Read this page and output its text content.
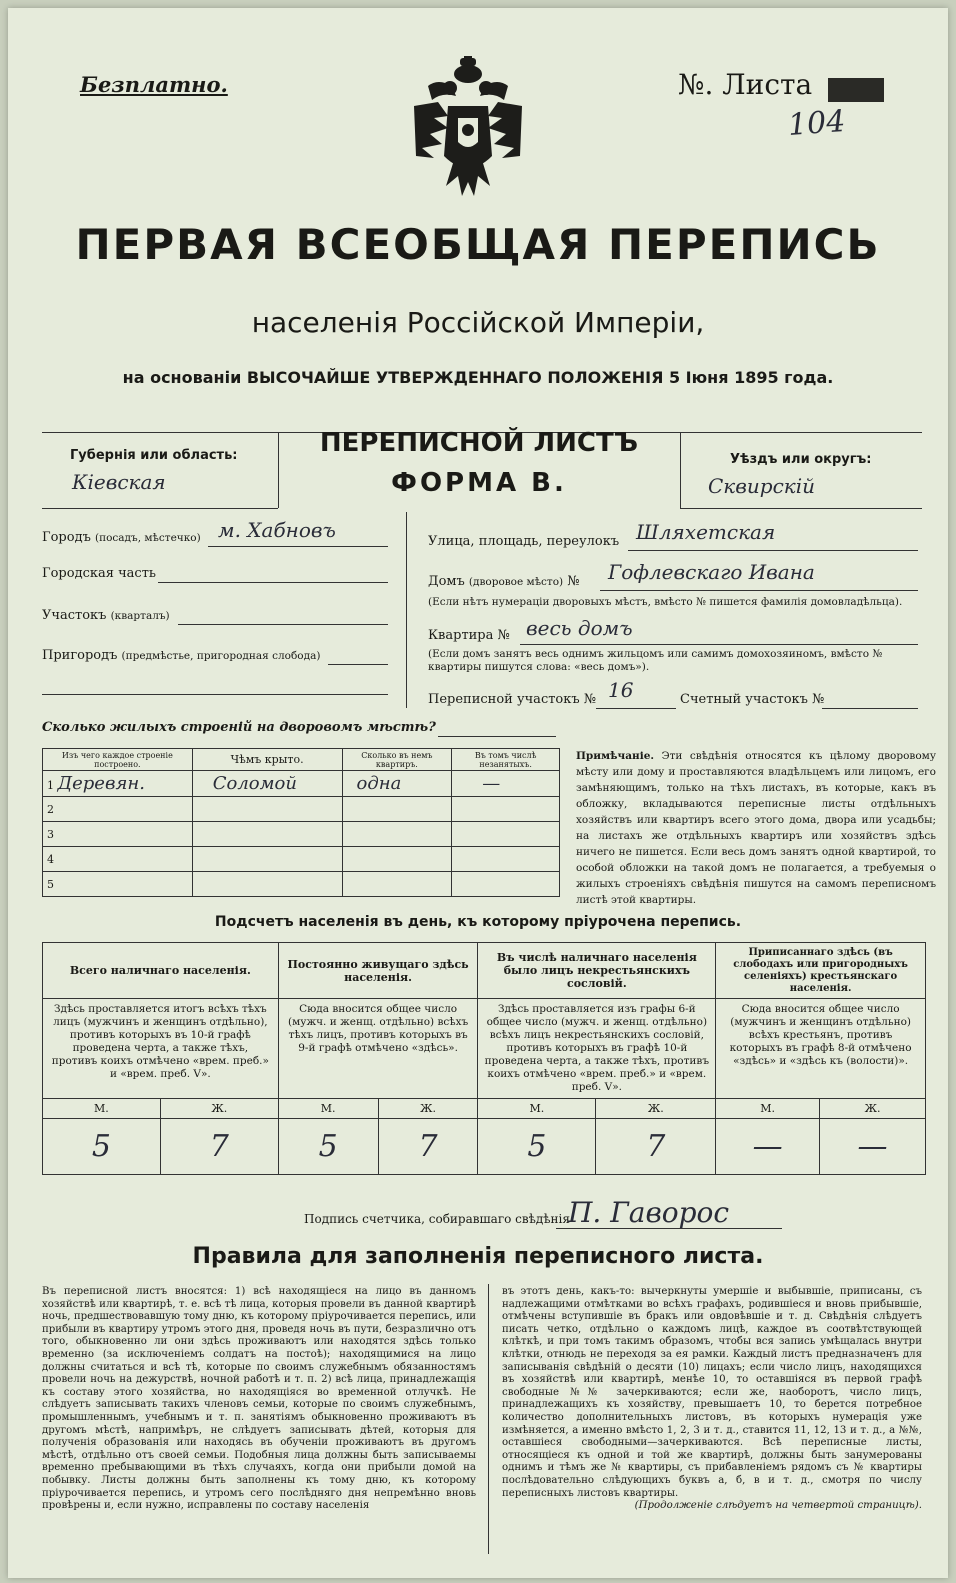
Безплатно.	№. Листа
104
ПЕРВАЯ ВСЕОБЩАЯ ПЕРЕПИСЬ
населенія Россійской Имперіи,
на основаніи ВЫСОЧАЙШЕ УТВЕРЖДЕННАГО ПОЛОЖЕНІЯ 5 Іюня 1895 года.
Губернія или область:
Кіевская
ПЕРЕПИСНОЙ ЛИСТЪ
ФОРМА В.
Уѣздъ или округъ:
Сквирскій
Городъ (посадъ, мѣстечко) м. Хабновъ
Городская часть
Участокъ (кварталъ)
Пригородъ (предмѣстье, пригородная слобода)
Улица, площадь, переулокъ Шляхетская
Домъ (дворовое мѣсто) № Гофлевскаго Ивана
(Если нѣтъ нумераціи дворовыхъ мѣстъ, вмѣсто № пишется фамилія домовладѣльца).
Квартира № весь домъ
(Если домъ занятъ весь однимъ жильцомъ или самимъ домохозяиномъ, вмѣсто № квартиры пишутся слова: «весь домъ»).
Переписной участокъ № 16	Счетный участокъ №
Сколько жилыхъ строеній на дворовомъ мѣстѣ?
Изъ чего каждое строеніе построено.	Чѣмъ крыто.	Сколько въ немъ квартиръ.	Въ томъ числѣ незанятыхъ.
1 Деревян.	Соломой	одна	—
2			
3			
4			
5			
Примѣчаніе. Эти свѣдѣнія относятся къ цѣлому дворовому мѣсту или дому и проставляются владѣльцемъ или лицомъ, его замѣняющимъ, только на тѣхъ листахъ, въ которые, какъ въ обложку, вкладываются переписные листы отдѣльныхъ хозяйствъ или квартиръ всего этого дома, двора или усадьбы; на листахъ же отдѣльныхъ квартиръ или хозяйствъ здѣсь ничего не пишется. Если весь домъ занятъ одной квартирой, то особой обложки на такой домъ не полагается, а требуемыя о жилыхъ строеніяхъ свѣдѣнія пишутся на самомъ переписномъ листѣ этой квартиры.
Подсчетъ населенія въ день, къ которому пріурочена перепись.
Всего наличнаго населенія.		Постоянно живущаго здѣсь населенія.		Въ числѣ наличнаго населенія было лицъ некрестьянскихъ сословій.		Приписаннаго здѣсь (въ слободахъ или пригородныхъ селеніяхъ) крестьянскаго населенія.	
Здѣсь проставляется итогъ всѣхъ тѣхъ лицъ (мужчинъ и женщинъ отдѣльно), противъ которыхъ въ 10-й графѣ проведена черта, а также тѣхъ, противъ коихъ отмѣчено «врем. преб.» и «врем. преб. V».		Сюда вносится общее число (мужч. и женщ. отдѣльно) всѣхъ тѣхъ лицъ, противъ которыхъ въ 9-й графѣ отмѣчено «здѣсь».		Здѣсь проставляется изъ графы 6-й общее число (мужч. и женщ. отдѣльно) всѣхъ лицъ некрестьянскихъ сословій, противъ которыхъ въ графѣ 10-й проведена черта, а также тѣхъ, противъ коихъ отмѣчено «врем. преб.» и «врем. преб. V».		Сюда вносится общее число (мужчинъ и женщинъ отдѣльно) всѣхъ крестьянъ, противъ которыхъ въ графѣ 8-й отмѣчено «здѣсь» и «здѣсь къ (волости)».	
М.	Ж.	М.	Ж.	М.	Ж.	М.	Ж.
5	7	5	7	5	7	—	—
Подпись счетчика, собиравшаго свѣдѣнія
П. Гаворос
Правила для заполненія переписного листа.
Въ переписной листъ вносятся: 1) всѣ находящіеся на лицо въ данномъ хозяйствѣ или квартирѣ, т. е. всѣ тѣ лица, которыя провели въ данной квартирѣ ночь, предшествовавшую тому дню, къ которому пріурочивается перепись, или прибыли въ квартиру утромъ этого дня, проведя ночь въ пути, безразлично отъ того, обыкновенно ли они здѣсь проживаютъ или находятся здѣсь только временно (за исключеніемъ солдатъ на постоѣ); находящимися на лицо должны считаться и всѣ тѣ, которые по своимъ служебнымъ обязанностямъ провели ночь на дежурствѣ, ночной работѣ и т. п. 2) всѣ лица, принадлежащія къ составу этого хозяйства, но находящіяся во временной отлучкѣ. Не слѣдуетъ записывать такихъ членовъ семьи, которые по своимъ служебнымъ, промышленнымъ, учебнымъ и т. п. занятіямъ обыкновенно проживаютъ въ другомъ мѣстѣ, напримѣръ, не слѣдуетъ записывать дѣтей, которыя для полученія образованія или находясь въ обученіи проживаютъ въ другомъ мѣстѣ, отдѣльно отъ своей семьи. Подобныя лица должны быть записываемы временно пребывающими въ тѣхъ случаяхъ, когда они прибыли домой на побывку. Листы должны быть заполнены къ тому дню, къ которому пріурочивается перепись, и утромъ сего послѣдняго дня непремѣнно вновь провѣрены и, если нужно, исправлены по составу населенія
въ этотъ день, какъ-то: вычеркнуты умершіе и выбывшіе, приписаны, съ надлежащими отмѣтками во всѣхъ графахъ, родившіеся и вновь прибывшіе, отмѣчены вступившіе въ бракъ или овдовѣвшіе и т. д. Свѣдѣнія слѣдуетъ писать четко, отдѣльно о каждомъ лицѣ, каждое въ соотвѣтствующей клѣткѣ, и при томъ такимъ образомъ, чтобы вся запись умѣщалась внутри клѣтки, отнюдь не переходя за ея рамки. Каждый листъ предназначенъ для записыванія свѣдѣній о десяти (10) лицахъ; если число лицъ, находящихся въ хозяйствѣ или квартирѣ, менѣе 10, то оставшіяся въ первой графѣ свободные №№ зачеркиваются; если же, наоборотъ, число лицъ, принадлежащихъ къ хозяйству, превышаетъ 10, то берется потребное количество дополнительныхъ листовъ, въ которыхъ нумерація уже измѣняется, а именно вмѣсто 1, 2, 3 и т. д., ставится 11, 12, 13 и т. д., а №№, оставшіеся свободными—зачеркиваются. Всѣ переписные листы, относящіеся къ одной и той же квартирѣ, должны быть занумерованы однимъ и тѣмъ же № квартиры, съ прибавленіемъ рядомъ съ № квартиры послѣдовательно слѣдующихъ буквъ а, б, в и т. д., смотря по числу переписныхъ листовъ квартиры.

(Продолженіе слѣдуетъ на четвертой страницѣ).
